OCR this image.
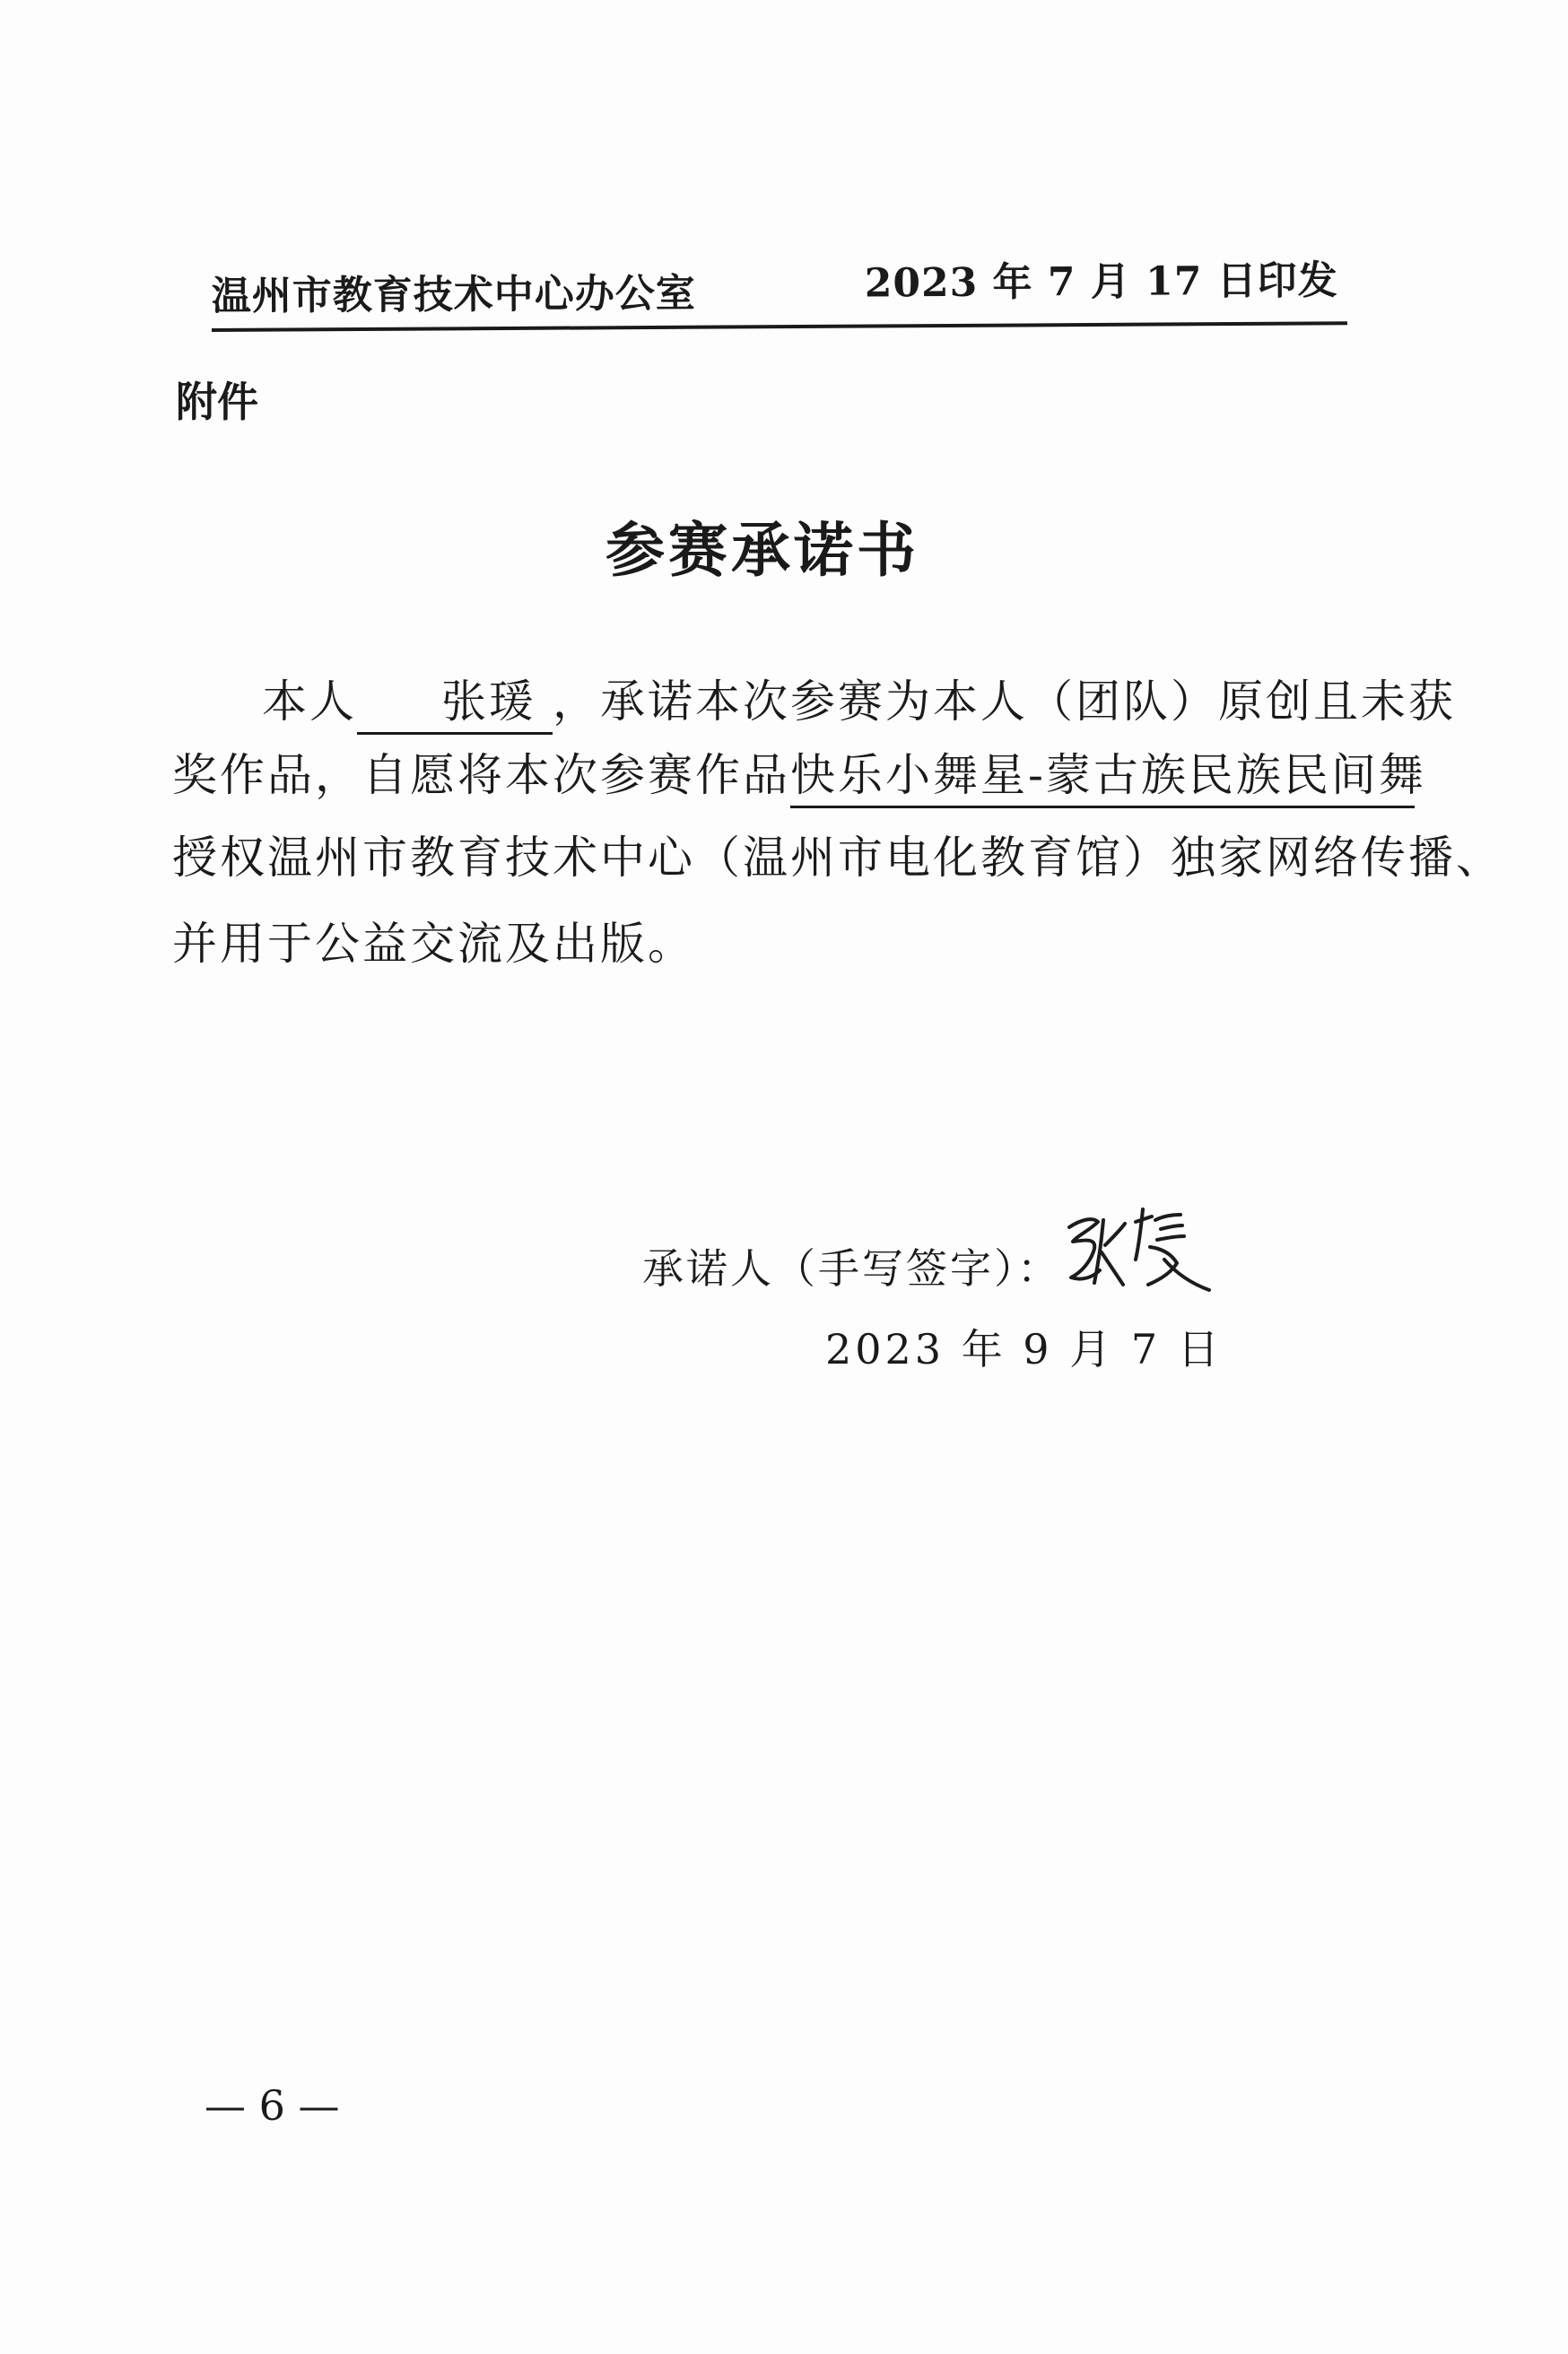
温州市教育技术中心办公室	2023 年 7 月 17 日印发
附件
参赛承诺书
本人 张瑗 ，承诺本次参赛为本人（团队）原创且未获
奖作品，自愿将本次参赛作品快乐小舞星-蒙古族民族民间舞
授权温州市教育技术中心（温州市电化教育馆）独家网络传播、
并用于公益交流及出版。
承诺人（手写签字）：
2023 年 9 月 7 日
— 6 —
